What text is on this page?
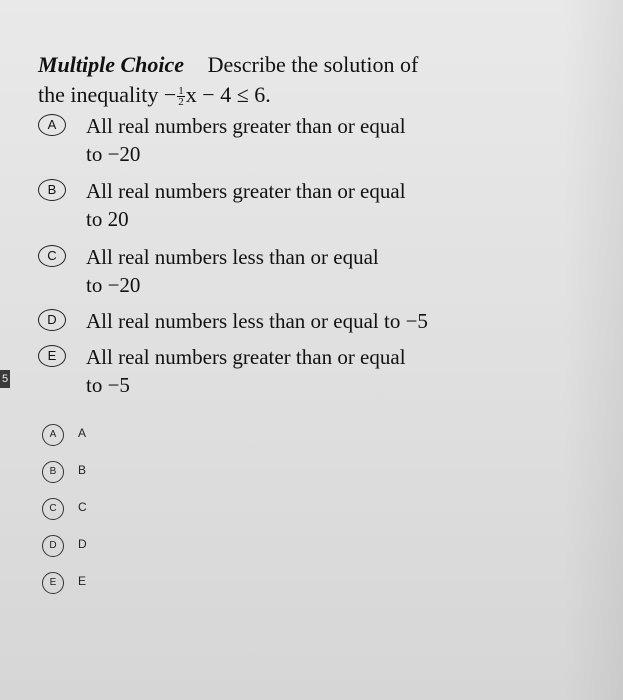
Multiple Choice Describe the solution of
the inequality − $\frac{1}{2}$ x − 4 ≤ 6.
A	All real numbers greater than or equal
to −20
B	All real numbers greater than or equal
to 20
C	All real numbers less than or equal
to −20
D	All real numbers less than or equal to −5
E	All real numbers greater than or equal
to −5
5
A	A
B	B
C	C
D	D
E	E
